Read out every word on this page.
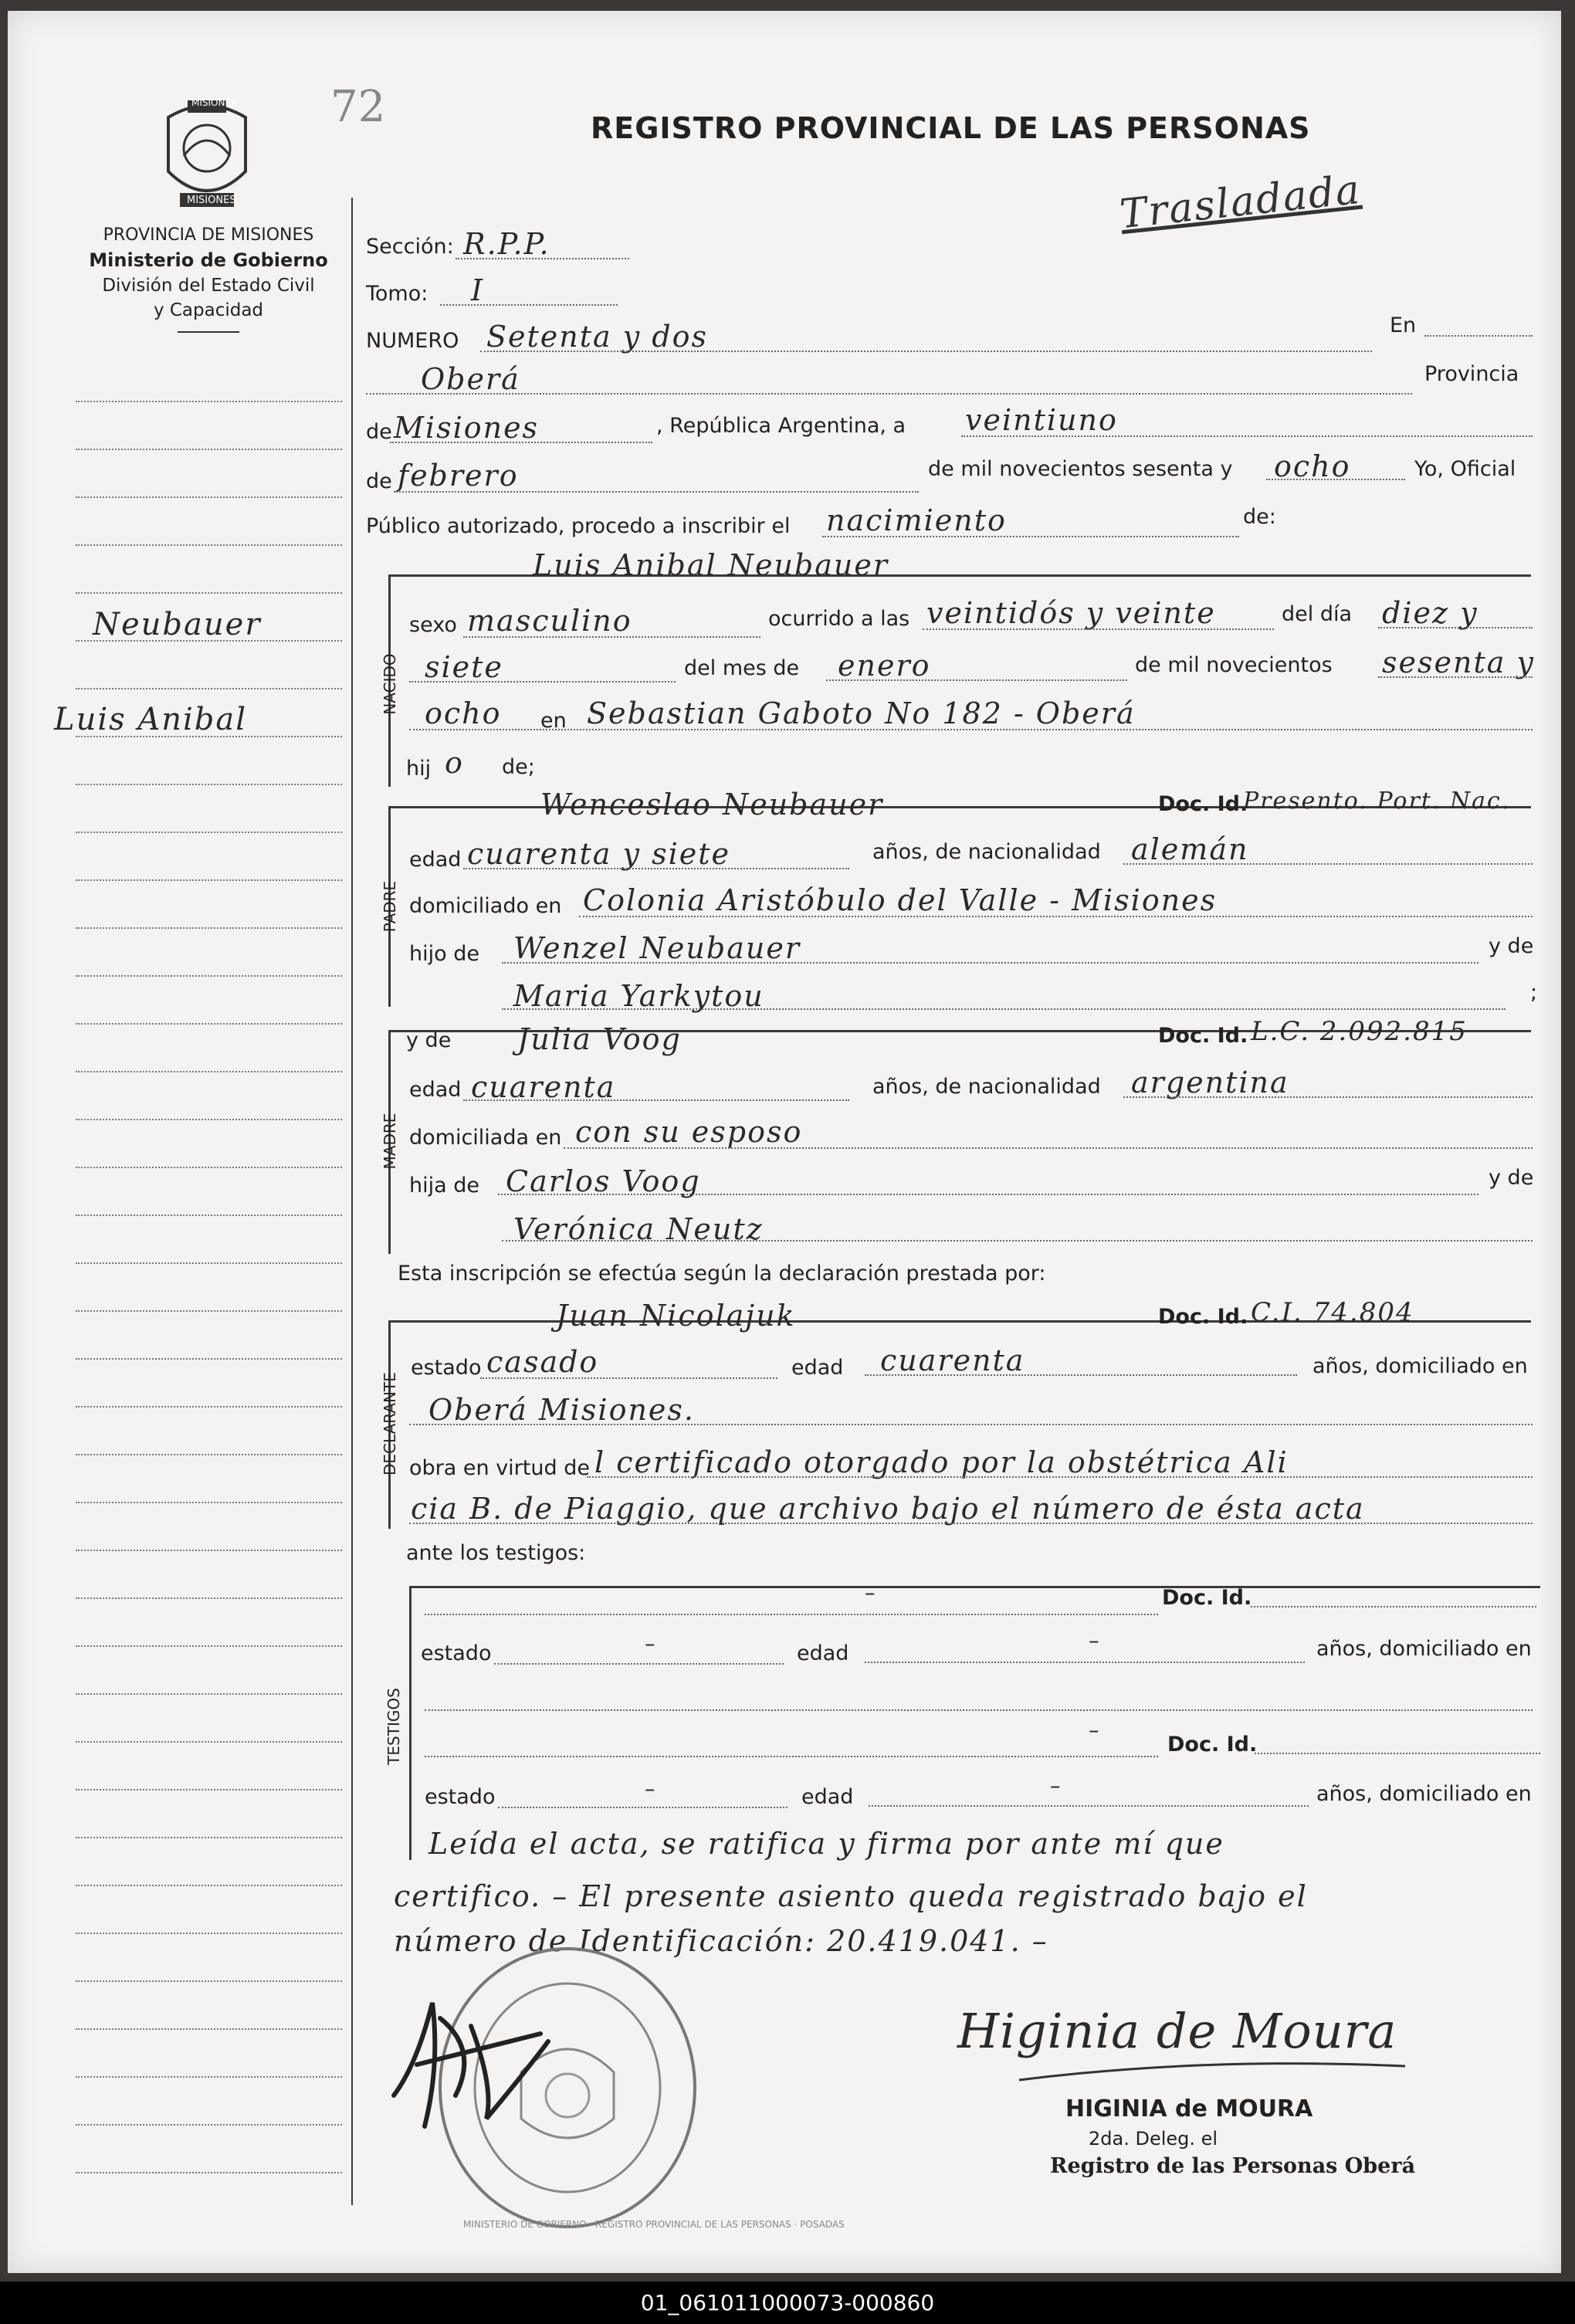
MISIONES
MISIONES
PROVINCIA DE MISIONES
Ministerio de Gobierno
División del Estado Civil
y Capacidad
72	REGISTRO PROVINCIAL DE LAS PERSONAS
Trasladada
Neubauer
Luis Anibal
Sección: R.P.P.
Tomo: I
NUMERO Setenta y dos	En
Oberá	Provincia
de Misiones	, República Argentina, a veintiuno
de febrero	de mil novecientos sesenta y ocho	Yo, Oficial
Público autorizado, procedo a inscribir el nacimiento	de:
NACIDO
Luis Anibal Neubauer
sexo masculino	ocurrido a las veintidós y veinte	del día diez y
siete	del mes de enero	de mil novecientos sesenta y
ocho en Sebastian Gaboto No 182 - Oberá
hij o de;
PADRE
Wenceslao Neubauer	Doc. Id.
Presento. Port. Nac.
edad cuarenta y siete	años, de nacionalidad alemán
domiciliado en Colonia Aristóbulo del Valle - Misiones
hijo de Wenzel Neubauer	y de
Maria Yarkytou	;
MADRE
y de Julia Voog	Doc. Id. L.C. 2.092.815
edad cuarenta	años, de nacionalidad argentina
domiciliada en con su esposo
hija de Carlos Voog	y de
Verónica Neutz
Esta inscripción se efectúa según la declaración prestada por:
DECLARANTE
Juan Nicolajuk	Doc. Id. C.I. 74.804
estado casado	edad cuarenta	años, domiciliado en
Oberá Misiones.
obra en virtud de l certificado otorgado por la obstétrica Ali
cia B. de Piaggio, que archivo bajo el número de ésta acta
ante los testigos:
TESTIGOS
–	Doc. Id.
estado	–	edad
–	años, domiciliado en
–
Doc. Id.
estado	–	edad	–	años, domiciliado en
Leída el acta, se ratifica y firma por ante mí que
certifico. – El presente asiento queda registrado bajo el
número de Identificación: 20.419.041. –
MINISTERIO DE GOBIERNO · REGISTRO PROVINCIAL DE LAS PERSONAS · POSADAS
Higinia de Moura
HIGINIA de MOURA
2da. Deleg. el
Registro de las Personas Oberá
01_061011000073-000860
